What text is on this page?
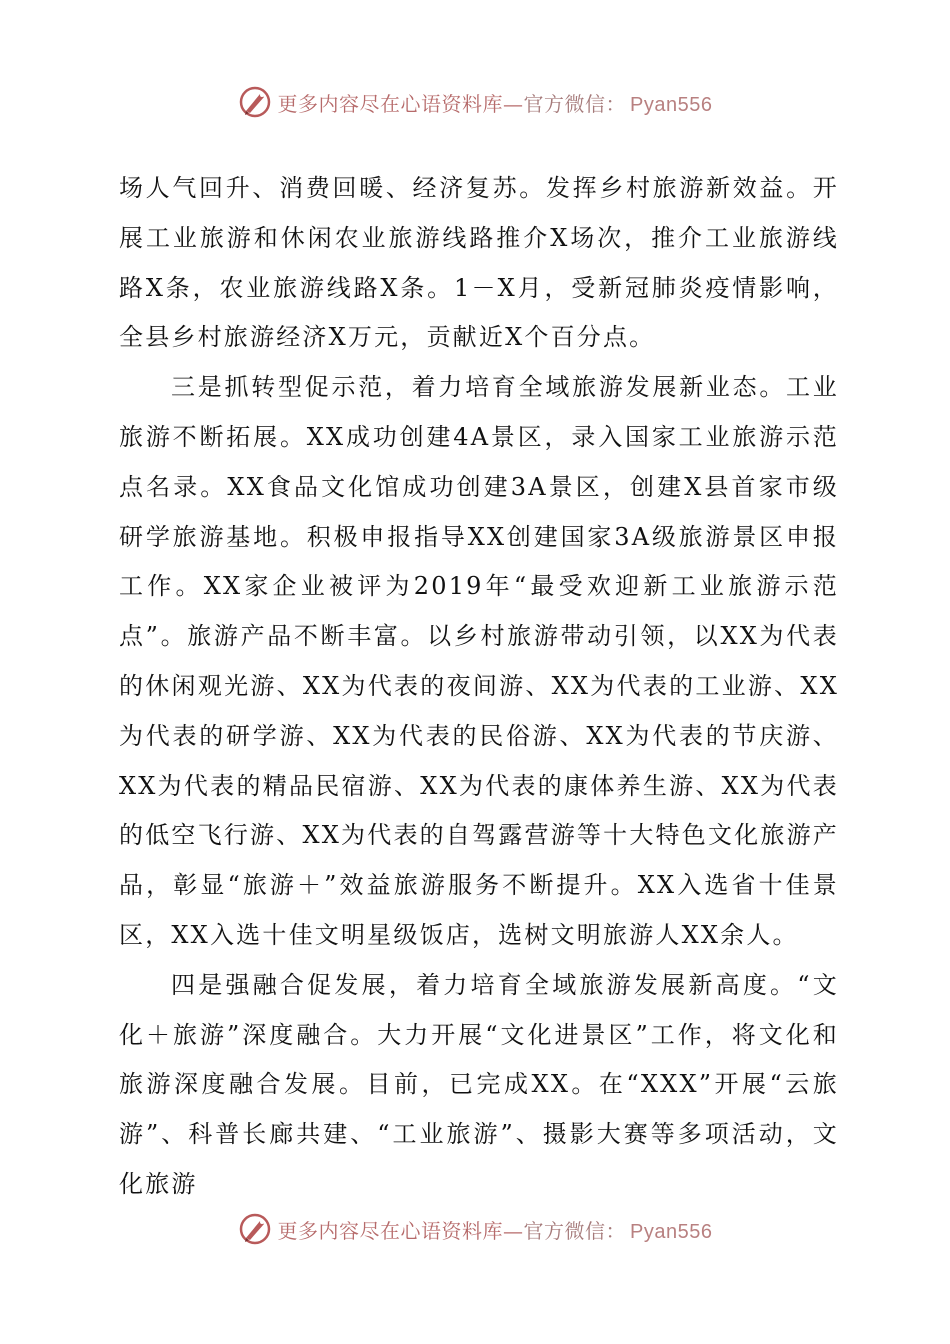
更多内容尽在心语资料库—官方微信： Pyan556

场人气回升、消费回暖、经济复苏。发挥乡村旅游新效益。开展工业旅游和休闲农业旅游线路推介X场次，推介工业旅游线路X条，农业旅游线路X条。1－X月，受新冠肺炎疫情影响，全县乡村旅游经济X万元，贡献近X个百分点。

三是抓转型促示范，着力培育全域旅游发展新业态。工业旅游不断拓展。XX成功创建4A景区，录入国家工业旅游示范点名录。XX食品文化馆成功创建3A景区，创建X县首家市级研学旅游基地。积极申报指导XX创建国家3A级旅游景区申报工作。XX家企业被评为2019年“最受欢迎新工业旅游示范点”。旅游产品不断丰富。以乡村旅游带动引领，以XX为代表的休闲观光游、XX为代表的夜间游、XX为代表的工业游、XX为代表的研学游、XX为代表的民俗游、XX为代表的节庆游、XX为代表的精品民宿游、XX为代表的康体养生游、XX为代表的低空飞行游、XX为代表的自驾露营游等十大特色文化旅游产品，彰显“旅游＋”效益旅游服务不断提升。XX入选省十佳景区，XX入选十佳文明星级饭店，选树文明旅游人XX余人。

四是强融合促发展，着力培育全域旅游发展新高度。“文化＋旅游”深度融合。大力开展“文化进景区”工作，将文化和旅游深度融合发展。目前，已完成XX。在“XXX”开展“云旅游”、科普长廊共建、“工业旅游”、摄影大赛等多项活动，文化旅游

更多内容尽在心语资料库—官方微信： Pyan556
